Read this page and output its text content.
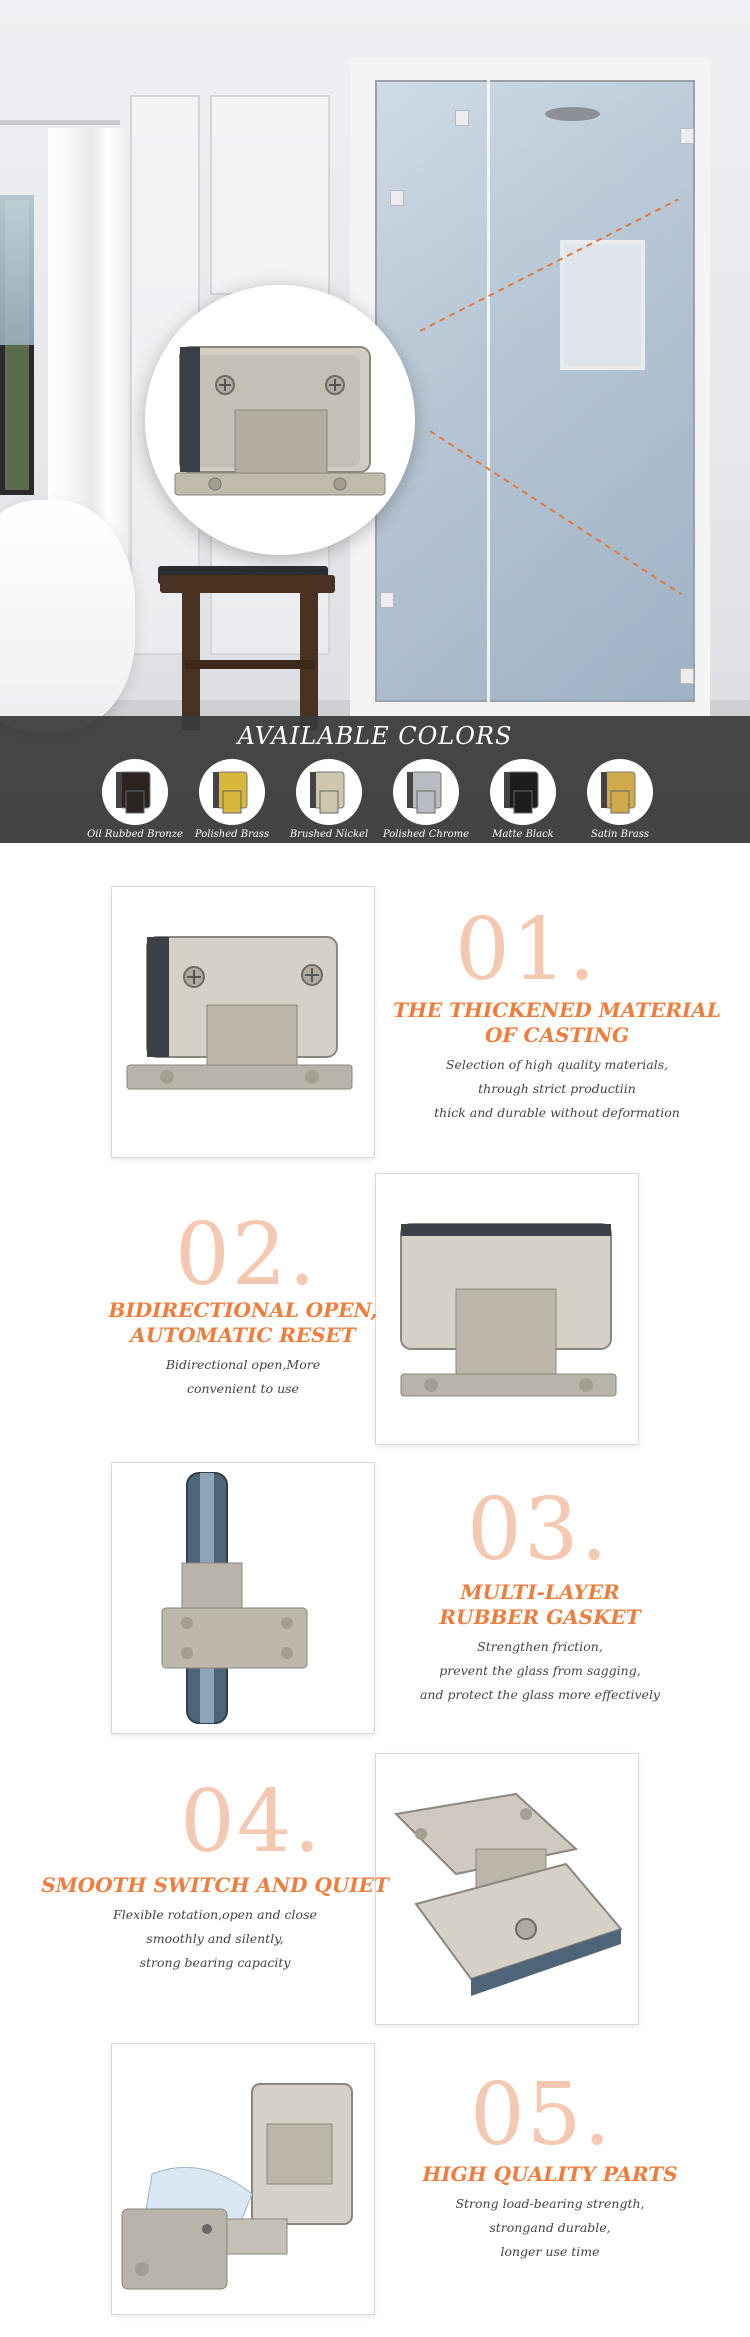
AVAILABLE COLORS
Oil Rubbed Bronze	Polished Brass	Brushed Nickel	Polished Chrome	Matte Black	Satin Brass
01.
THE THICKENED MATERIAL
OF CASTING
Selection of high quality materials,
through strict productiin
thick and durable without deformation
02.
BIDIRECTIONAL OPEN,
AUTOMATIC RESET
Bidirectional open,More
convenient to use
03.
MULTI-LAYER
RUBBER GASKET
Strengthen friction,
prevent the glass from sagging,
and protect the glass more effectively
04.
SMOOTH SWITCH AND QUIET
Flexible rotation,open and close
smoothly and silently,
strong bearing capacity
05.
HIGH QUALITY PARTS
Strong load-bearing strength,
strongand durable,
longer use time
